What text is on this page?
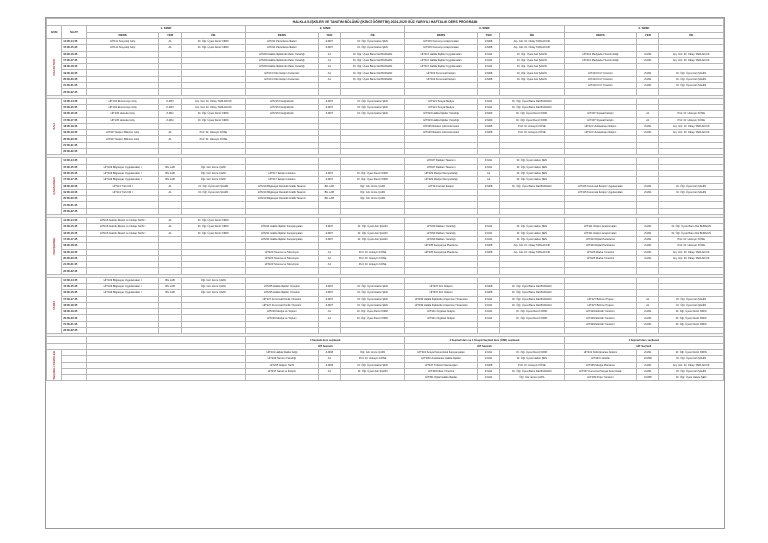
HALKLA İLİŞKİLER VE TANITIM BÖLÜMÜ (İKİNCİ ÖĞRETİM) 2024-2025 GÜZ YARIYILI HAFTALIK DERS PROGRAMI													
GÜN	SAAT	1. SINIF			2. SINIF			3. SINIF			4. SINIF		
		DERS	YER	ÖE	DERS	YER	ÖE	DERS	YER	ÖE	DERS	YER	ÖE
PAZARTESİ	14:00-14:45	HİT111 Sosyoloji Giriş	A1	Dr. Öğr. Üyesi Deniz KIRIK	HİT211 Pazarlama İlkeleri	Z-M07	Dr. Öğr. Üyesi Hatice ŞEN	HİT315 Kamuoyu Araştırmaları	Z-M08	Arş. Gör. Dr. Oktay TARLAKCIK			
	15:00-15:45	HİT111 Sosyoloji Giriş	A1	Dr. Öğr. Üyesi Deniz KIRIK	HİT211 Pazarlama İlkeleri	Z-M07	Dr. Öğr. Üyesi Hatice ŞEN	HİT315 Kamuoyu Araştırmaları	Z-M08	Arş. Gör. Dr. Oktay TARLAKCIK			
	16:00-16:45				HİT209 Halkla İlişkilerde Metin Yazarlığı	A1	Dr. Öğr. Üyesi Banu Dal BURHAN	HİT317 Halkla İlişkiler Uygulamaları	Z-M11	Dr. Öğr. Üyesi Aslı ŞAHİN	HİT413 Medyada Yönetim Etiği	Z-M11	Arş. Gör. Dr. Oktay TARLAKCIK
	17:00-17:45				HİT209 Halkla İlişkilerde Metin Yazarlığı	A1	Dr. Öğr. Üyesi Banu Dal BURHAN	HİT317 Halkla İlişkiler Uygulamaları	Z-M11	Dr. Öğr. Üyesi Aslı ŞAHİN	HİT413 Medyada Yönetim Etiği	Z-M11	Arş. Gör. Dr. Oktay TARLAKCIK
	18:00-18:45				HİT209 Halkla İlişkilerde Metin Yazarlığı	A1	Dr. Öğr. Üyesi Banu Dal BURHAN	HİT317 Halkla İlişkiler Uygulamaları	Z-M11	Dr. Öğr. Üyesi Aslı ŞAHİN			
	19:00-19:45				HİT213 Kitle İletişim Kuramları	A1	Dr. Öğr. Üyesi Banu Dal BURHAN	HİT319 Kurumsal İletişim	Z-M08	Dr. Öğr. Üyesi Aslı ŞAHİN	HİT419 Kriz Yönetimi	Z-M11	Dr. Öğr. Üyesi Aslı ŞAHİN
	20:00-20:45				HİT213 Kitle İletişim Kuramları	A1	Dr. Öğr. Üyesi Banu Dal BURHAN	HİT319 Kurumsal İletişim	Z-M08	Dr. Öğr. Üyesi Aslı ŞAHİN	HİT419 Kriz Yönetimi	Z-M11	Dr. Öğr. Üyesi Aslı ŞAHİN
	21:00-21:45										HİT419 Kriz Yönetimi	Z-M11	Dr. Öğr. Üyesi Aslı ŞAHİN
	22:00-22:45												

SALI	14:00-14:45	HİT103 Ekonomiye Giriş	Z-M07	Arş. Gör. Dr. Oktay TARLAKCIK	HİT215 Fotoğrafçılık	Z-M07	Dr. Öğr. Üyesi Hatice ŞEN	HİT321 Sosyal Medya	Z-M11	Dr. Öğr. Üyesi Banu Dal BURHAN			
	15:00-15:45	HİT103 Ekonomiye Giriş	Z-M07	Arş. Gör. Dr. Oktay TARLAKCIK	HİT215 Fotoğrafçılık	Z-M07	Dr. Öğr. Üyesi Hatice ŞEN	HİT321 Sosyal Medya	Z-M11	Dr. Öğr. Üyesi Banu Dal BURHAN			
	16:00-16:45	HİT105 Hukuka Giriş	Z-M11	Dr. Öğr. Üyesi Deniz KIRIK	HİT215 Fotoğrafçılık	Z-M07	Dr. Öğr. Üyesi Hatice ŞEN	HİT323 Halkla İlişkiler Yazarlığı	Z-M09	Dr. Öğr. Üyesi Deniz KIRIK	HİT407 Siyasal İletişim	A1	Prof. Dr. Hüseyin KÖSE
	17:00-17:45	HİT105 Hukuka Giriş	Z-M11	Dr. Öğr. Üyesi Deniz KIRIK				HİT323 Halkla İlişkiler Yazarlığı	Z-M09	Dr. Öğr. Üyesi Deniz KIRIK	HİT407 Siyasal İletişim	A1	Prof. Dr. Hüseyin KÖSE
	18:00-18:45							HİT325 Reklam Çözümlemeleri	Z-M08	Prof. Dr. Hüseyin KÖSE	HİT411 Uluslararası İletişim	Z-M11	Arş. Gör. Dr. Oktay TARLAKCIK
	19:00-19:45	HİT107 İletişim Bilimine Giriş	A1	Prof. Dr. Hüseyin KÖSE				HİT325 Reklam Çözümlemeleri	Z-M08	Prof. Dr. Hüseyin KÖSE	HİT411 Uluslararası İletişim	Z-M11	Arş. Gör. Dr. Oktay TARLAKCIK
	20:00-20:45	HİT107 İletişim Bilimine Giriş	A1	Prof. Dr. Hüseyin KÖSE									
	21:00-21:45												
	22:00-22:45												

ÇARŞAMBA	14:00-14:45							HİT327 Reklam Tasarımı	Z-M11	Dr. Öğr. Üyesi Hatice ŞEN			
	15:00-15:45	HİT109 Bilgisayar Uygulamaları I	BİL LAB	Öğr. Gör. Emre ÇAPA				HİT327 Reklam Tasarımı	Z-M11	Dr. Öğr. Üyesi Hatice ŞEN			
	16:00-16:45	HİT109 Bilgisayar Uygulamaları I	BİL LAB	Öğr. Gör. Emre ÇAPA	HİT217 İletişim Hukuku	Z-M07	Dr. Öğr. Üyesi Deniz KIRIK	HİT329 Medya Okuryazarlığı	A1	Dr. Öğr. Üyesi Hatice ŞEN			
	17:00-17:45	HİT109 Bilgisayar Uygulamaları I	BİL LAB	Öğr. Gör. Emre ÇAPA	HİT217 İletişim Hukuku	Z-M07	Dr. Öğr. Üyesi Deniz KIRIK	HİT329 Medya Okuryazarlığı	A1	Dr. Öğr. Üyesi Hatice ŞEN			
	18:00-18:45	HİT113 Türk Dili I	A1	Dr. Öğr. Üyesi Aslı ŞAHİN	HİT219 Bilgisayar Destekli Grafik Tasarım	BİL LAB	Öğr. Gör. Emre ÇAPA	HİT331 Görsel İletişim	Z-M08	Dr. Öğr. Üyesi Banu Dal BURHAN	HİT415 Kurumsal İletişim Uygulamaları	Z-M11	Dr. Öğr. Üyesi Aslı ŞAHİN
	19:00-19:45	HİT113 Türk Dili I	A1	Dr. Öğr. Üyesi Aslı ŞAHİN	HİT219 Bilgisayar Destekli Grafik Tasarım	BİL LAB	Öğr. Gör. Emre ÇAPA				HİT415 Kurumsal İletişim Uygulamaları	Z-M11	Dr. Öğr. Üyesi Aslı ŞAHİN
	20:00-20:45				HİT219 Bilgisayar Destekli Grafik Tasarım	BİL LAB	Öğr. Gör. Emre ÇAPA						
	21:00-21:45												
	22:00-22:45												

PERŞEMBE	14:00-14:45	HİT115 Atatürk İlkeleri ve İnkılap Tarihi I	A1	Dr. Öğr. Üyesi Deniz KIRIK									
	15:00-15:45	HİT115 Atatürk İlkeleri ve İnkılap Tarihi I	A1	Dr. Öğr. Üyesi Deniz KIRIK	HİT221 Halkla İlişkiler Kampanyaları	Z-M07	Dr. Öğr. Üyesi Aslı ŞAHİN	HİT333 Reklam Yazarlığı	Z-M11	Dr. Öğr. Üyesi Hatice ŞEN	HİT421 İletişim Araştırmaları	Z-M11	Dr. Öğr. Üyesi Banu Dal BURHAN
	16:00-16:45	HİT115 Atatürk İlkeleri ve İnkılap Tarihi I	A1	Dr. Öğr. Üyesi Deniz KIRIK	HİT221 Halkla İlişkiler Kampanyaları	Z-M07	Dr. Öğr. Üyesi Aslı ŞAHİN	HİT333 Reklam Yazarlığı	Z-M11	Dr. Öğr. Üyesi Hatice ŞEN	HİT421 İletişim Araştırmaları	Z-M11	Dr. Öğr. Üyesi Banu Dal BURHAN
	17:00-17:45				HİT221 Halkla İlişkiler Kampanyaları	Z-M07	Dr. Öğr. Üyesi Aslı ŞAHİN	HİT333 Reklam Yazarlığı	Z-M11	Dr. Öğr. Üyesi Hatice ŞEN	HİT423 Dijital Pazarlama	Z-M11	Prof. Dr. Hüseyin KÖSE
	18:00-18:45							HİT335 Kampanya Planlama	Z-M08	Arş. Gör. Dr. Oktay TARLAKCIK	HİT423 Dijital Pazarlama	Z-M11	Prof. Dr. Hüseyin KÖSE
	19:00-19:45				HİT223 Sinema ve Televizyon	A1	Prof. Dr. Hüseyin KÖSE	HİT335 Kampanya Planlama	Z-M08	Arş. Gör. Dr. Oktay TARLAKCIK	HİT425 Marka Yönetimi	Z-M11	Arş. Gör. Dr. Oktay TARLAKCIK
	20:00-20:45				HİT223 Sinema ve Televizyon	A1	Prof. Dr. Hüseyin KÖSE				HİT425 Marka Yönetimi	Z-M11	Arş. Gör. Dr. Oktay TARLAKCIK
	21:00-21:45				HİT223 Sinema ve Televizyon	A1	Prof. Dr. Hüseyin KÖSE						
	22:00-22:45												

CUMA	14:00-14:45	HİT109 Bilgisayar Uygulamaları I	BİL LAB	Öğr. Gör. Emre ÇAPA									
	15:00-15:45	HİT109 Bilgisayar Uygulamaları I	BİL LAB	Öğr. Gör. Emre ÇAPA	HİT225 Halkla İlişkiler Yönetimi	Z-M07	Dr. Öğr. Üyesi Hatice ŞEN	HİT337 Kriz İletişimi	Z-M08	Dr. Öğr. Üyesi Banu Dal BURHAN			
	16:00-16:45	HİT109 Bilgisayar Uygulamaları I	BİL LAB	Öğr. Gör. Emre ÇAPA	HİT225 Halkla İlişkiler Yönetimi	Z-M07	Dr. Öğr. Üyesi Hatice ŞEN	HİT337 Kriz İletişimi	Z-M08	Dr. Öğr. Üyesi Banu Dal BURHAN			
	17:00-17:45				HİT227 Kurumsal Kimlik Yönetimi	Z-M07	Dr. Öğr. Üyesi Hatice ŞEN	HİT339 Halkla İlişkilerde Araştırma Yöntemleri	Z-M11	Dr. Öğr. Üyesi Banu Dal BURHAN	HİT427 Bitirme Projesi	A1	Dr. Öğr. Üyesi Aslı ŞAHİN
	18:00-18:45				HİT227 Kurumsal Kimlik Yönetimi	Z-M07	Dr. Öğr. Üyesi Hatice ŞEN	HİT339 Halkla İlişkilerde Araştırma Yöntemleri	Z-M11	Dr. Öğr. Üyesi Banu Dal BURHAN	HİT427 Bitirme Projesi	A1	Dr. Öğr. Üyesi Aslı ŞAHİN
	19:00-19:45				HİT229 Medya ve Toplum	A1	Dr. Öğr. Üyesi Deniz KIRIK	HİT341 Örgütsel İletişim	Z-M11	Dr. Öğr. Üyesi Deniz KIRIK	HİT429 Etkinlik Yönetimi	Z-M11	Dr. Öğr. Üyesi Deniz KIRIK
	20:00-20:45				HİT229 Medya ve Toplum	A1	Dr. Öğr. Üyesi Deniz KIRIK	HİT341 Örgütsel İletişim	Z-M11	Dr. Öğr. Üyesi Deniz KIRIK	HİT429 Etkinlik Yönetimi	Z-M11	Dr. Öğr. Üyesi Deniz KIRIK
	21:00-21:45										HİT429 Etkinlik Yönetimi	Z-M11	Dr. Öğr. Üyesi Deniz KIRIK
	22:00-22:45												

					4 Seçmeli ders seçilecek			4 Seçmeli ders ve 1 Sosyal Seçmeli ders (ÜSD) seçilecek			4 Seçmeli ders seçilecek		
					HİT Seçmeli			HİT Seçmeli			HİT Seçmeli		
SEÇMELİ DERSLER					HİT231 Halkla İlişkiler Etiği	Z-M08	Öğr. Gör. Emre ÇAPA	HİT343 Sosyal Sorumluluk Kampanyaları	Z-M11	Dr. Öğr. Üyesi Deniz KIRIK	HİT431 Kültürlerarası İletişim	Z-M11	Dr. Öğr. Üyesi Deniz KIRIK
					HİT233 Tanıtım Yazarlığı	A1	Prof. Dr. Hüseyin KÖSE	HİT345 Uluslararası Halkla İlişkiler	Z-M11	Dr. Öğr. Üyesi Hatice ŞEN	HİT433 Lobicilik	Z-M08	Dr. Öğr. Üyesi Aslı ŞAHİN
					HİT235 İletişim Tarihi	Z-M08	Dr. Öğr. Üyesi Hatice ŞEN	HİT347 Tüketici Davranışları	Z-M08	Prof. Dr. Hüseyin KÖSE	HİT435 Medya Planlama	Z-M11	Arş. Gör. Dr. Oktay TARLAKCIK
					HİT237 Sanat ve İletişim	A1	Dr. Öğr. Üyesi Aslı ŞAHİN	HİT349 İtibar Yönetimi	Z-M11	Dr. Öğr. Üyesi Banu Dal BURHAN	HİT437 Kurumsal Sosyal Sorumluluk	Z-M11	Dr. Öğr. Üyesi Aslı ŞAHİN
								HİT351 Dijital Halkla İlişkiler	Z-M11	Öğr. Gör. Emre ÇAPA	HİT439 Proje Yönetimi	Z-M08	Dr. Öğr. Üyesi Hatice ŞEN
